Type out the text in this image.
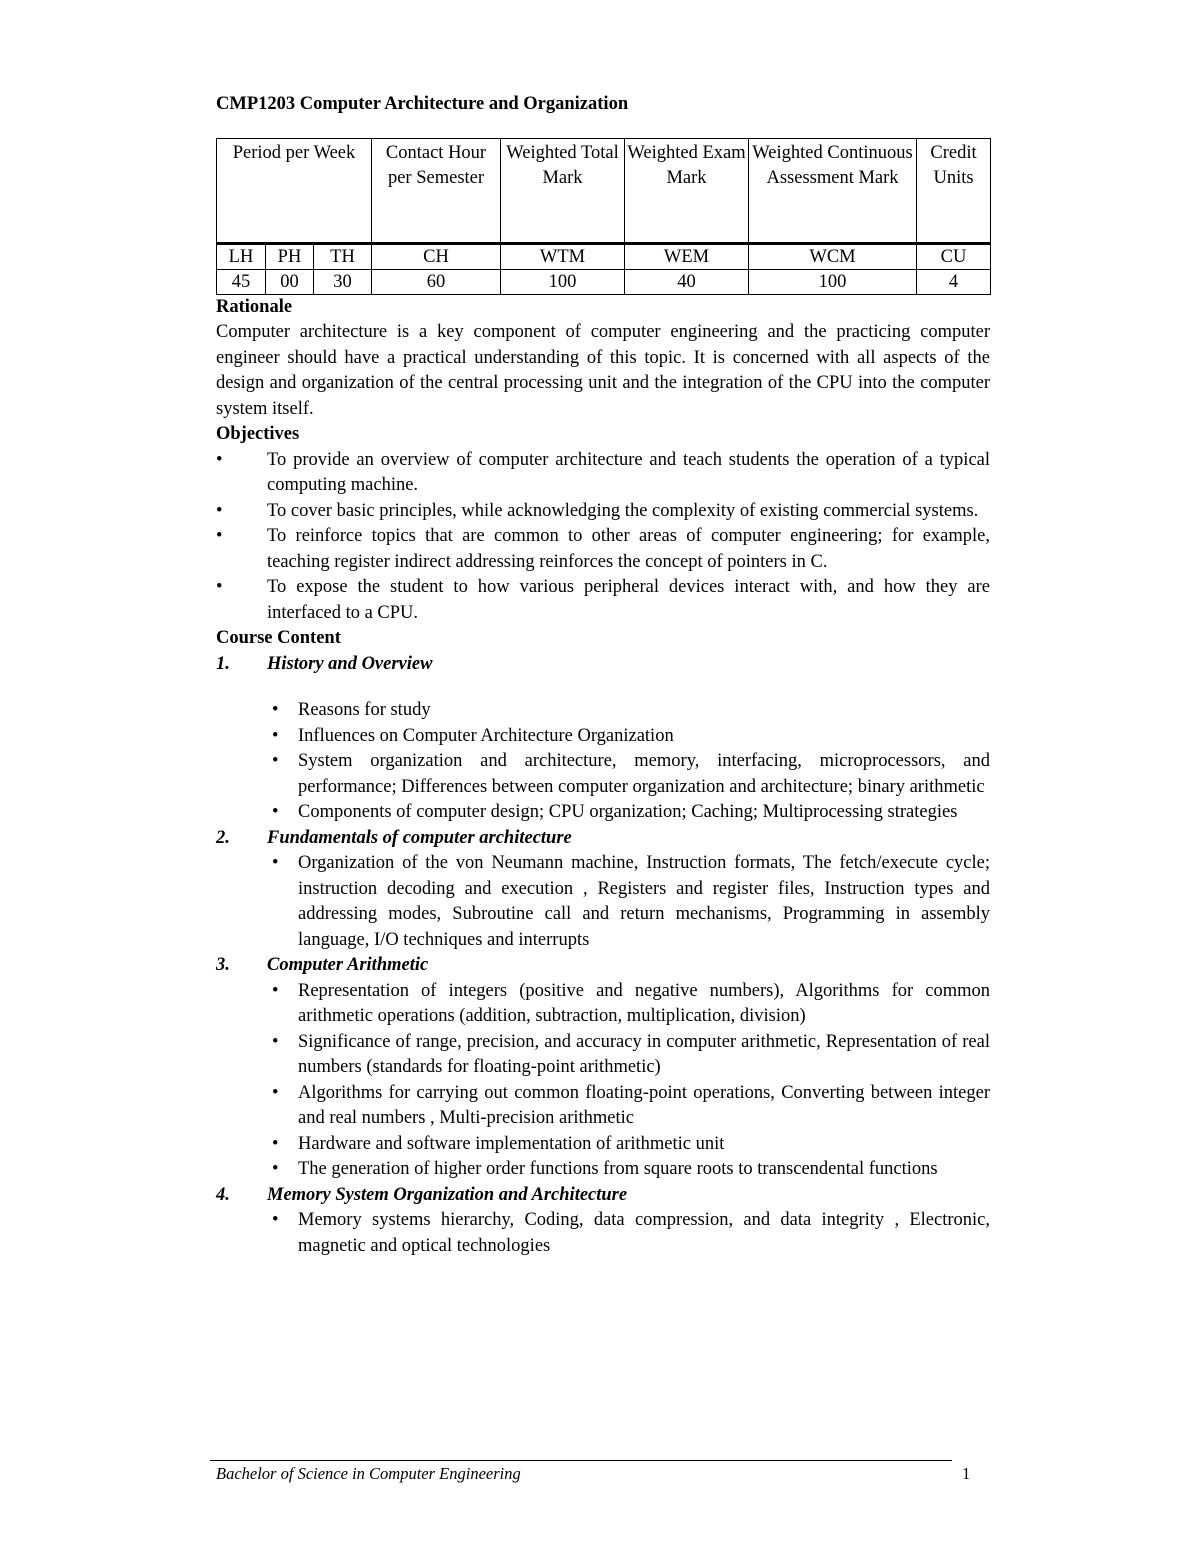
CMP1203 Computer Architecture and Organization
Period per Week			Contact Hour per Semester	Weighted Total Mark	Weighted Exam Mark	Weighted Continuous Assessment Mark	Credit Units
LH	PH	TH	CH	WTM	WEM	WCM	CU
45	00	30	60	100	40	100	4
Rationale
Computer architecture is a key component of computer engineering and the practicing computer engineer should have a practical understanding of this topic. It is concerned with all aspects of the design and organization of the central processing unit and the integration of the CPU into the computer system itself.
Objectives
•	To provide an overview of computer architecture and teach students the operation of a typical computing machine.
•	To cover basic principles, while acknowledging the complexity of existing commercial systems.
•	To reinforce topics that are common to other areas of computer engineering; for example, teaching register indirect addressing reinforces the concept of pointers in C.
•	To expose the student to how various peripheral devices interact with, and how they are interfaced to a CPU.
Course Content
1.	History and Overview
•	Reasons for study
•	Influences on Computer Architecture Organization
•	System organization and architecture, memory, interfacing, microprocessors, and performance; Differences between computer organization and architecture; binary arithmetic
•	Components of computer design; CPU organization; Caching; Multiprocessing strategies
2.	Fundamentals of computer architecture
•	Organization of the von Neumann machine, Instruction formats, The fetch/execute cycle; instruction decoding and execution , Registers and register files, Instruction types and addressing modes, Subroutine call and return mechanisms, Programming in assembly language, I/O techniques and interrupts
3.	Computer Arithmetic
•	Representation of integers (positive and negative numbers), Algorithms for common arithmetic operations (addition, subtraction, multiplication, division)
•	Significance of range, precision, and accuracy in computer arithmetic, Representation of real numbers (standards for floating-point arithmetic)
•	Algorithms for carrying out common floating-point operations, Converting between integer and real numbers , Multi-precision arithmetic
•	Hardware and software implementation of arithmetic unit
•	The generation of higher order functions from square roots to transcendental functions
4.	Memory System Organization and Architecture
•	Memory systems hierarchy, Coding, data compression, and data integrity , Electronic, magnetic and optical technologies
Bachelor of Science in Computer Engineering	1
